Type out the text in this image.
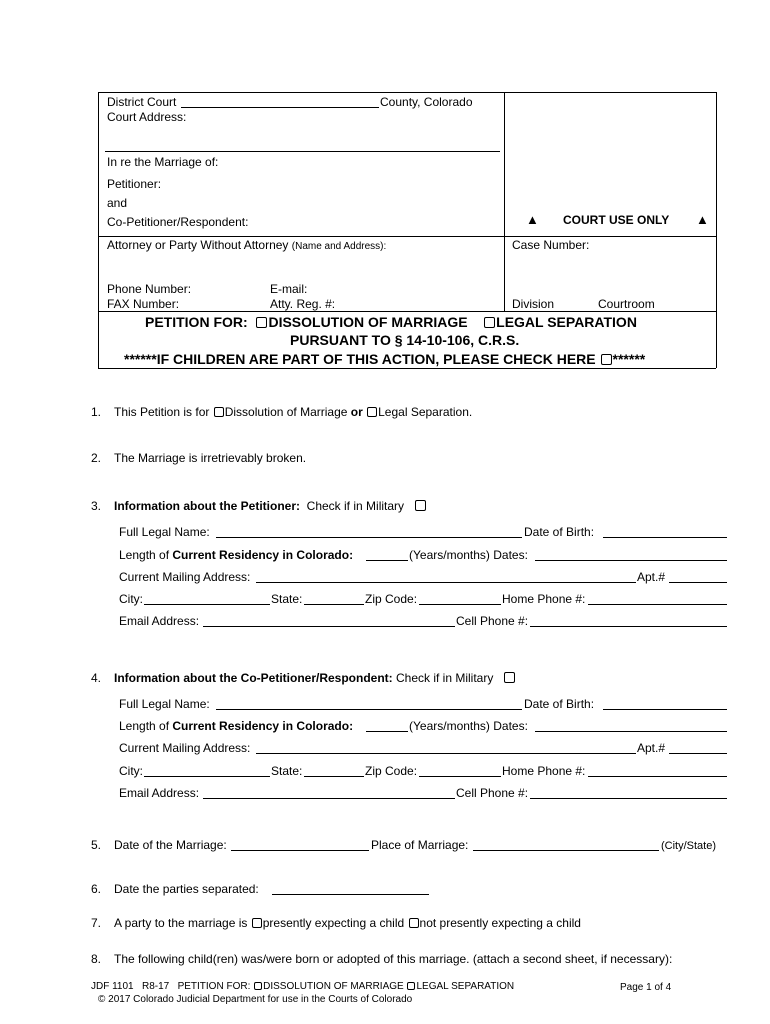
District Court	County, Colorado
Court Address:
In re the Marriage of:
Petitioner:
and
Co-Petitioner/Respondent:	▲ COURT USE ONLY ▲
Attorney or Party Without Attorney (Name and Address):	Case Number:
Phone Number:	E-mail:
FAX Number:	Atty. Reg. #:	Division	Courtroom
PETITION FOR: DISSOLUTION OF MARRIAGE LEGAL SEPARATION
PURSUANT TO § 14-10-106, C.R.S.
******IF CHILDREN ARE PART OF THIS ACTION, PLEASE CHECK HERE ******
1. This Petition is for Dissolution of Marriage or Legal Separation.
2. The Marriage is irretrievably broken.
3. Information about the Petitioner: Check if in Military
Full Legal Name:	Date of Birth:
Length of Current Residency in Colorado:	(Years/months) Dates:
Current Mailing Address:	Apt.#
City:	State:	Zip Code:	Home Phone #:
Email Address:	Cell Phone #:
4. Information about the Co-Petitioner/Respondent: Check if in Military
Full Legal Name:	Date of Birth:
Length of Current Residency in Colorado:	(Years/months) Dates:
Current Mailing Address:	Apt.#
City:	State:	Zip Code:	Home Phone #:
Email Address:	Cell Phone #:
5. Date of the Marriage:	Place of Marriage:	(City/State)
6. Date the parties separated:
7. A party to the marriage is presently expecting a child not presently expecting a child
8. The following child(ren) was/were born or adopted of this marriage. (attach a second sheet, if necessary):
JDF 1101 R8-17 PETITION FOR: DISSOLUTION OF MARRIAGE LEGAL SEPARATION	Page 1 of 4
© 2017 Colorado Judicial Department for use in the Courts of Colorado
